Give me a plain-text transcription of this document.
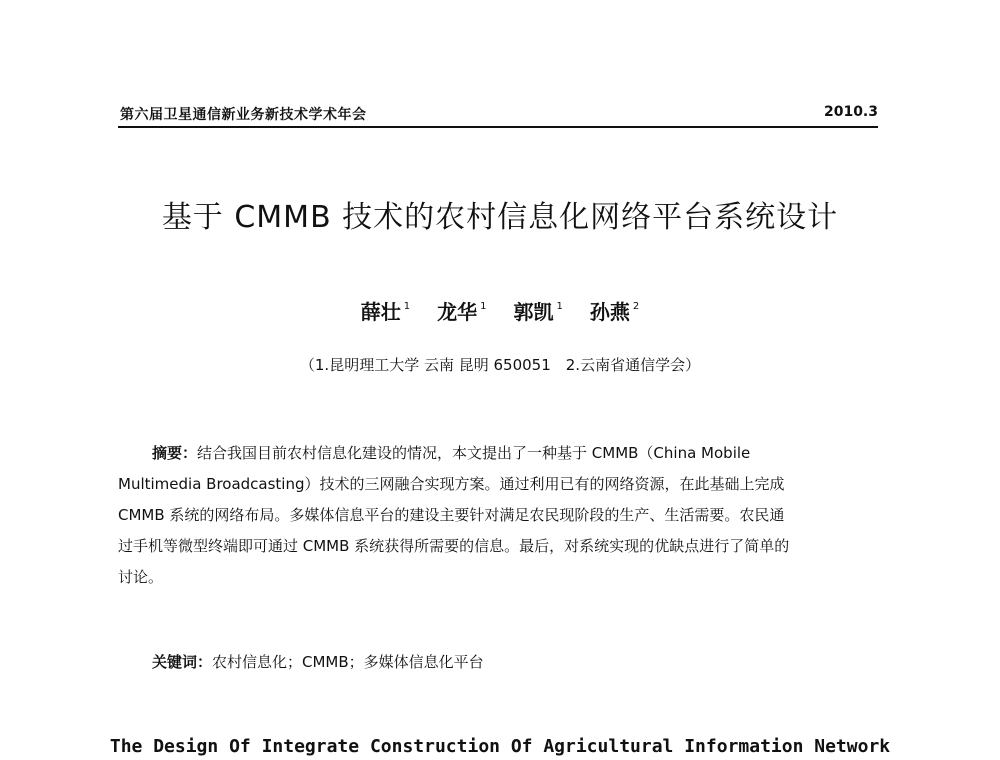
第六届卫星通信新业务新技术学术年会	2010.3
基于 CMMB 技术的农村信息化网络平台系统设计
薛壮 $^1$ 龙华 $^1$ 郭凯 $^1$ 孙燕 $^2$
（1.昆明理工大学 云南 昆明 650051　2.云南省通信学会）
摘要：结合我国目前农村信息化建设的情况，本文提出了一种基于 CMMB（China Mobile
Multimedia Broadcasting）技术的三网融合实现方案。通过利用已有的网络资源，在此基础上完成
CMMB 系统的网络布局。多媒体信息平台的建设主要针对满足农民现阶段的生产、生活需要。农民通
过手机等微型终端即可通过 CMMB 系统获得所需要的信息。最后，对系统实现的优缺点进行了简单的
讨论。
关键词：农村信息化；CMMB；多媒体信息化平台
The Design Of Integrate Construction Of Agricultural Information Network
